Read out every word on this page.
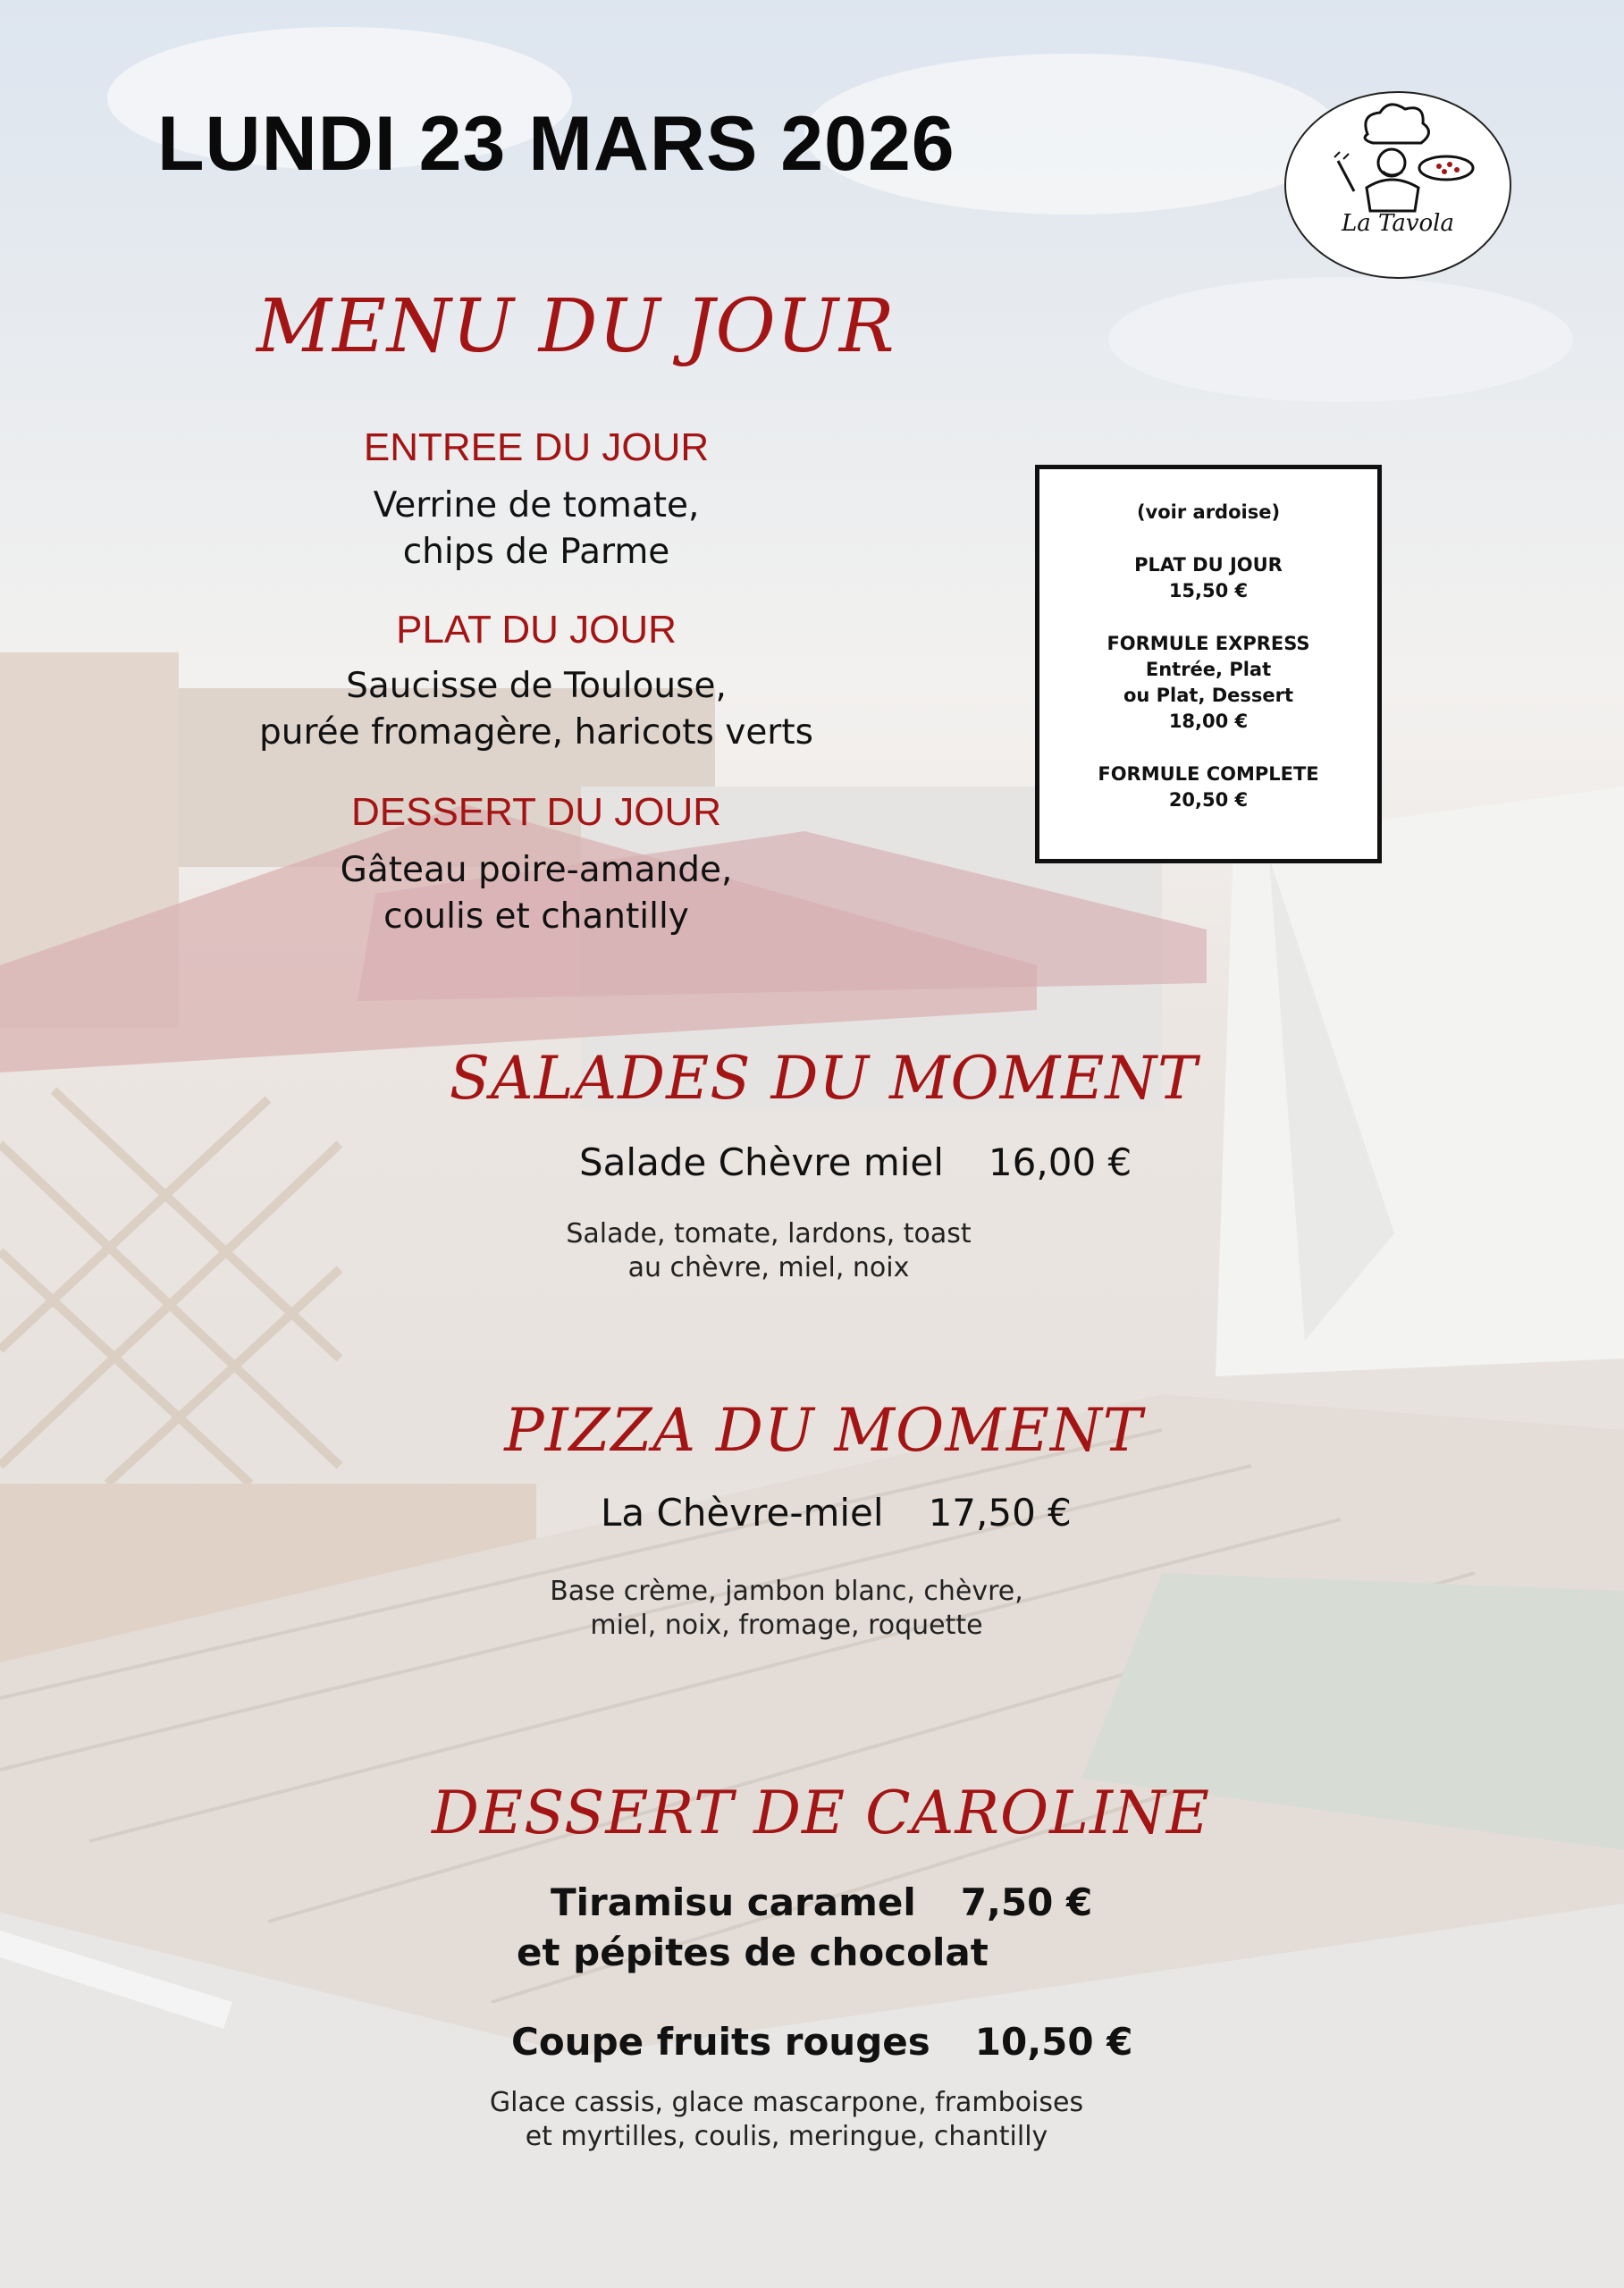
LUNDI 23 MARS 2026
La Tavola
MENU DU JOUR
ENTREE DU JOUR
Verrine de tomate,
chips de Parme
PLAT DU JOUR
Saucisse de Toulouse,
purée fromagère, haricots verts
DESSERT DU JOUR
Gâteau poire-amande,
coulis et chantilly
(voir ardoise)
PLAT DU JOUR
15,50 €
FORMULE EXPRESS
Entrée, Plat
ou Plat, Dessert
18,00 €
FORMULE COMPLETE
20,50 €
SALADES DU MOMENT
Salade Chèvre miel 16,00 €
Salade, tomate, lardons, toast
au chèvre, miel, noix
PIZZA DU MOMENT
La Chèvre-miel 17,50 €
Base crème, jambon blanc, chèvre,
miel, noix, fromage, roquette
DESSERT DE CAROLINE
Tiramisu caramel 7,50 €
et pépites de chocolat
Coupe fruits rouges 10,50 €
Glace cassis, glace mascarpone, framboises
et myrtilles, coulis, meringue, chantilly
